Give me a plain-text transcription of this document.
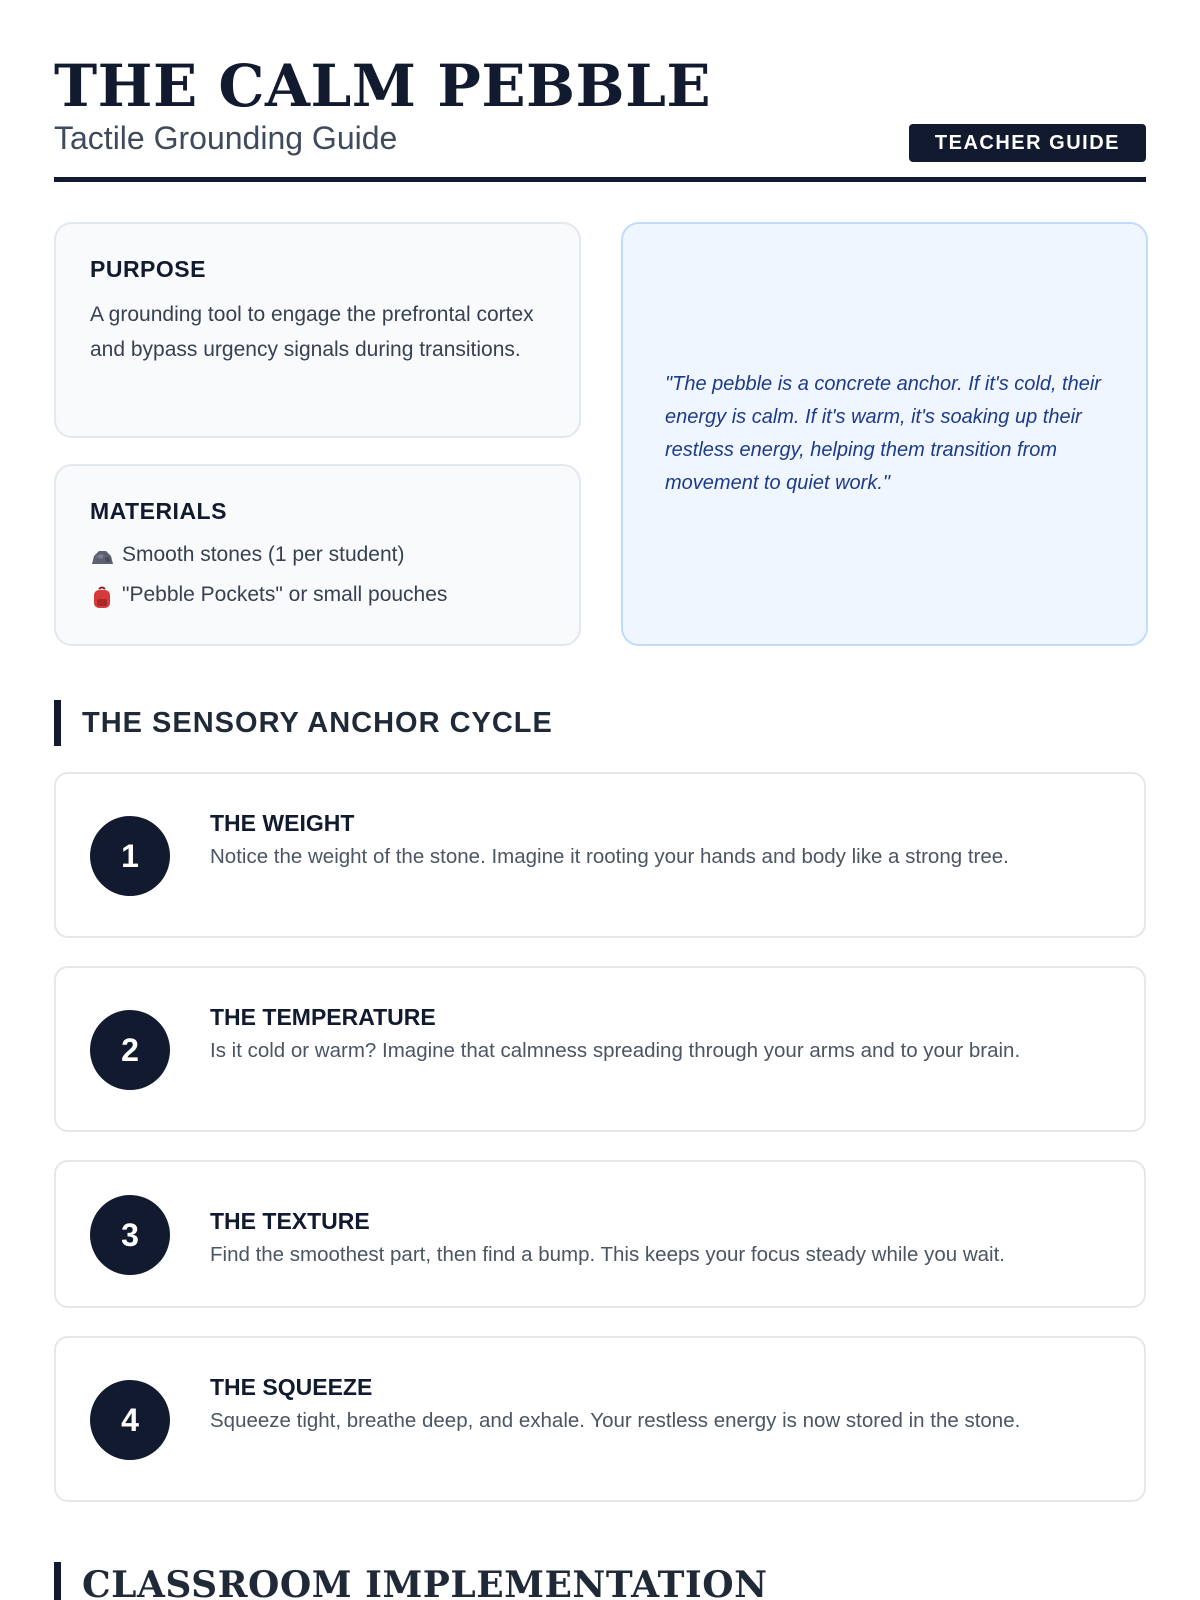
THE CALM PEBBLE
Tactile Grounding Guide	TEACHER GUIDE
PURPOSE

A grounding tool to engage the prefrontal cortex and bypass urgency signals during transitions.

MATERIALS
Smooth stones (1 per student)
"Pebble Pockets" or small pouches

"The pebble is a concrete anchor. If it's cold, their energy is calm. If it's warm, it's soaking up their restless energy, helping them transition from movement to quiet work."

THE SENSORY ANCHOR CYCLE
1
THE WEIGHT
Notice the weight of the stone. Imagine it rooting your hands and body like a strong tree.
2
THE TEMPERATURE
Is it cold or warm? Imagine that calmness spreading through your arms and to your brain.
3	THE TEXTURE
Find the smoothest part, then find a bump. This keeps your focus steady while you wait.
4
THE SQUEEZE
Squeeze tight, breathe deep, and exhale. Your restless energy is now stored in the stone.
CLASSROOM IMPLEMENTATION
